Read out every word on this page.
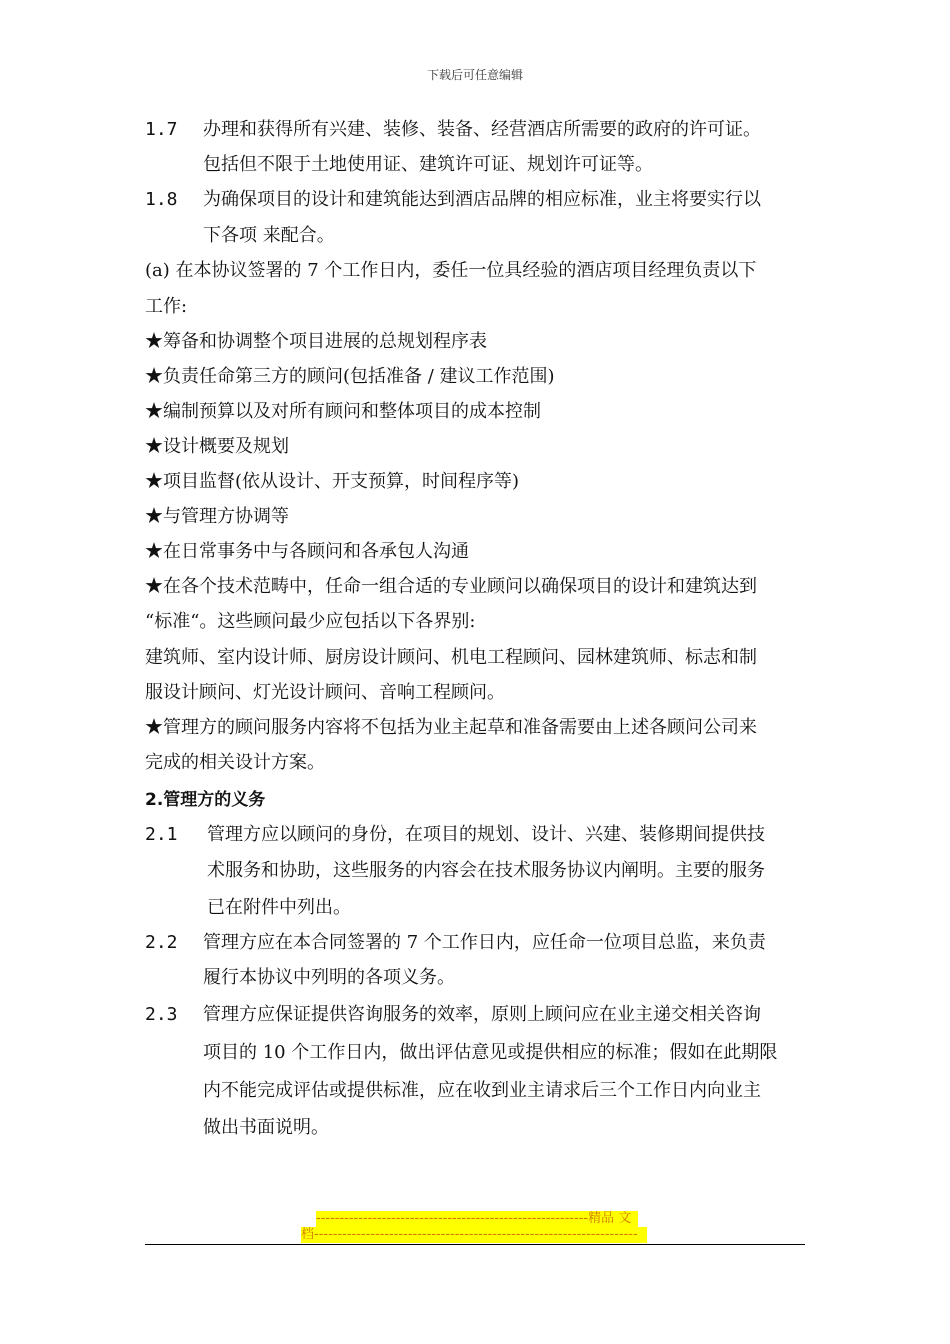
下载后可任意编辑
1.7 办理和获得所有兴建、装修、装备、经营酒店所需要的政府的许可证。
包括但不限于土地使用证、建筑许可证、规划许可证等。
1.8 为确保项目的设计和建筑能达到酒店品牌的相应标准，业主将要实行以
下各项 来配合。
(a) 在本协议签署的 7 个工作日内，委任一位具经验的酒店项目经理负责以下
工作:
★筹备和协调整个项目进展的总规划程序表
★负责任命第三方的顾问(包括准备 / 建议工作范围)
★编制预算以及对所有顾问和整体项目的成本控制
★设计概要及规划
★项目监督(依从设计、开支预算，时间程序等)
★与管理方协调等
★在日常事务中与各顾问和各承包人沟通
★在各个技术范畴中，任命一组合适的专业顾问以确保项目的设计和建筑达到
“标准“。这些顾问最少应包括以下各界别:
建筑师、室内设计师、厨房设计顾问、机电工程顾问、园林建筑师、标志和制
服设计顾问、灯光设计顾问、音响工程顾问。
★管理方的顾问服务内容将不包括为业主起草和准备需要由上述各顾问公司来
完成的相关设计方案。
2.管理方的义务
2.1 管理方应以顾问的身份，在项目的规划、设计、兴建、装修期间提供技
术服务和协助，这些服务的内容会在技术服务协议内阐明。主要的服务
已在附件中列出。
2.2 管理方应在本合同签署的 7 个工作日内，应任命一位项目总监，来负责
履行本协议中列明的各项义务。
2.3 管理方应保证提供咨询服务的效率，原则上顾问应在业主递交相关咨询
项目的 10 个工作日内，做出评估意见或提供相应的标准；假如在此期限
内不能完成评估或提供标准，应在收到业主请求后三个工作日内向业主
做出书面说明。
----------------------------------------------------------精品 文
档---------------------------------------------------------------------
